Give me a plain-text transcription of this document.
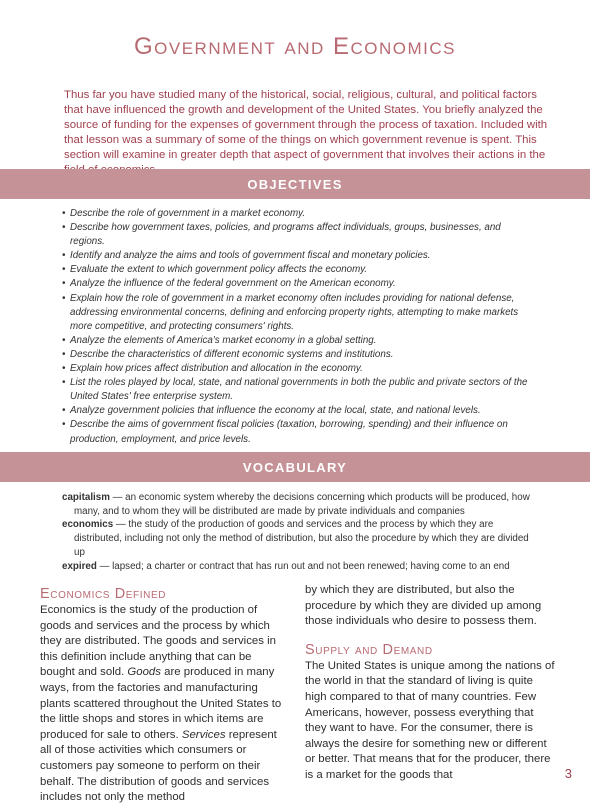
Government and Economics

Thus far you have studied many of the historical, social, religious, cultural, and political factors that have influenced the growth and development of the United States. You briefly analyzed the source of funding for the expenses of government through the process of taxation. Included with that lesson was a summary of some of the things on which government revenue is spent. This section will examine in greater depth that aspect of government that involves their actions in the

OBJECTIVES
• Describe the role of government in a market economy.
• Describe how government taxes, policies, and programs affect individuals, groups, businesses, and regions.
• Identify and analyze the aims and tools of government fiscal and monetary policies.
• Evaluate the extent to which government policy affects the economy.
• Analyze the influence of the federal government on the American economy.
• Explain how the role of government in a market economy often includes providing for national defense, addressing environmental concerns, defining and enforcing property rights, attempting to make markets more competitive, and protecting consumers' rights.
• Analyze the elements of America's market economy in a global setting.
• Describe the characteristics of different economic systems and institutions.
• Explain how prices affect distribution and allocation in the economy.
• List the roles played by local, state, and national governments in both the public and private sectors of the United States' free enterprise system.
• Analyze government policies that influence the economy at the local, state, and national levels.
• Describe the aims of government fiscal policies (taxation, borrowing, spending) and their influence on production, employment, and price levels.
VOCABULARY

capitalism — an economic system whereby the decisions concerning which products will be produced, how many, and to whom they will be distributed are made by private individuals and companies

economics — the study of the production of goods and services and the process by which they are distributed, including not only the method of distribution, but also the procedure by which they are divided up

expired — lapsed; a charter or contract that has run out and not been renewed; having come to an end

Economics Defined

Economics is the study of the production of goods and services and the process by which they are distributed. The goods and services in this definition include anything that can be bought and sold. Goods are produced in many ways, from the factories and manufacturing plants scattered throughout the United States to the little shops and stores in which items are produced for sale to others. Services represent all of those activities which consumers or customers pay someone to perform on their behalf. The distribution of goods and services includes not only the method

by which they are distributed, but also the procedure by which they are divided up among those individuals who desire to possess them.

Supply and Demand

The United States is unique among the nations of the world in that the standard of living is quite high compared to that of many countries. Few Americans, however, possess everything that they want to have. For the consumer, there is always the desire for something new or different or better. That means that for the producer, there is a market for the goods that	3
